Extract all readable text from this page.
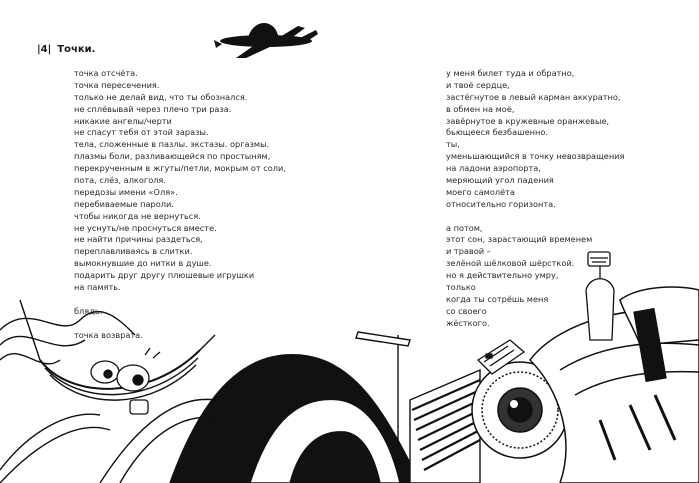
|4| Точки.
точка отсчёта.
точка пересечения.
только не делай вид, что ты обознался.
не сплёвывай через плечо три раза.
никакие ангелы/черти
не спасут тебя от этой заразы.
тела, сложенные в пазлы. экстазы. оргазмы.
плазмы боли, разливающейся по простыням,
перекрученным в жгуты/петли, мокрым от соли,
пота, слёз, алкоголя.
передозы имени «Оля».
перебиваемые пароли.
чтобы никогда не вернуться.
не уснуть/не проснуться вместе.
не найти причины раздеться,
переплавливаясь в слитки.
вымокнувшие до нитки в душе.
подарить друг другу плюшевые игрушки
на память.
блядь.
точка возврата.
у меня билет туда и обратно,
и твоё сердце,
застёгнутое в левый карман аккуратно,
в обмен на моё,
завёрнутое в кружевные оранжевые,
бьющееся безбашенно.
ты,
уменьшающийся в точку невозвращения
на ладони аэропорта,
меряющий угол падения
моего самолёта
относительно горизонта.
а потом,
этот сон, зарастающий временем
и травой –
зелёной шёлковой шёрсткой.
но я действительно умру,
только
когда ты сотрёшь меня
со своего
жёсткого.
